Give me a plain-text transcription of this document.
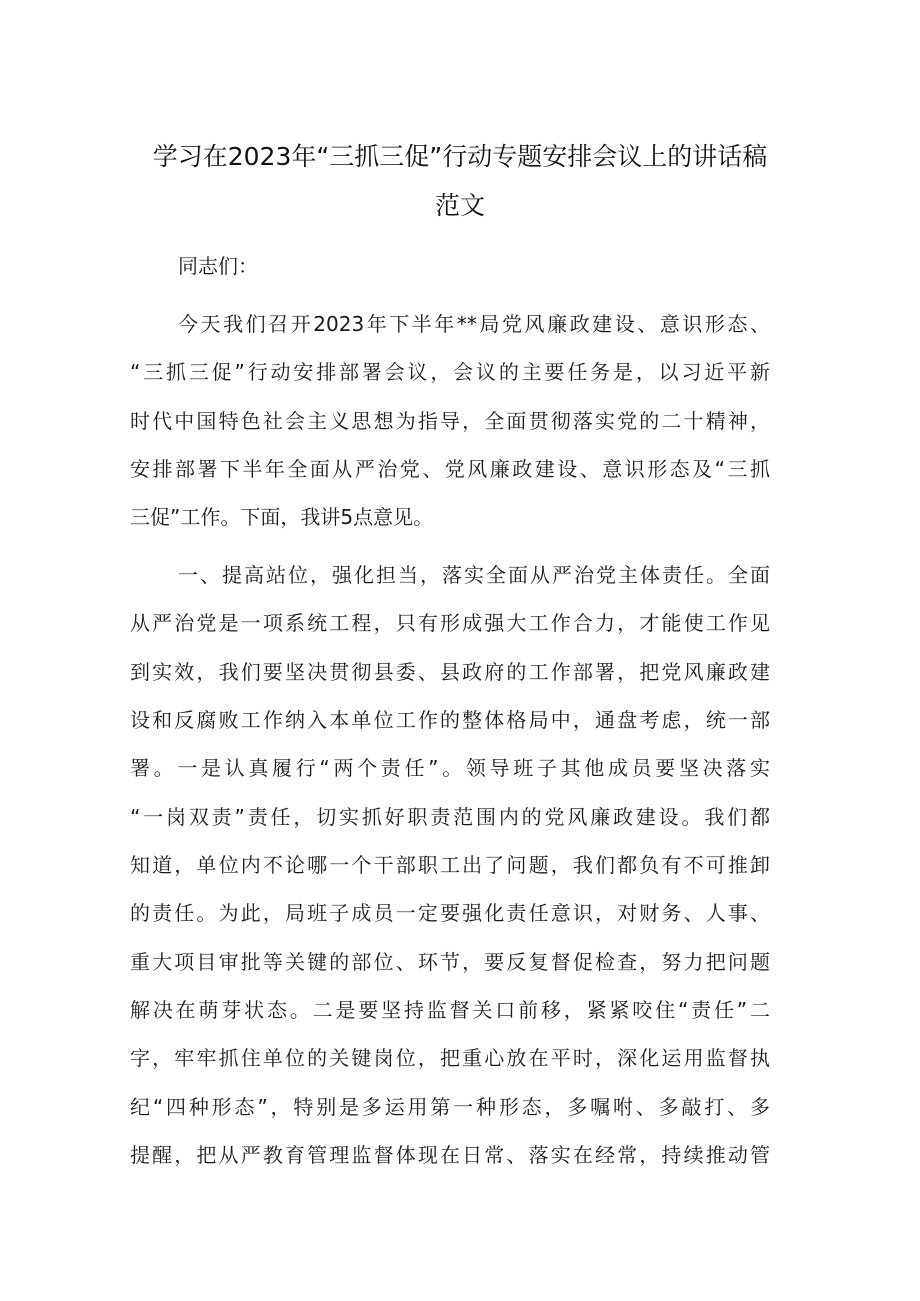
学习在2023年“三抓三促”行动专题安排会议上的讲话稿
范文
同志们：
今天我们召开2023年下半年**局党风廉政建设、意识形态、
“三抓三促”行动安排部署会议，会议的主要任务是，以习近平新
时代中国特色社会主义思想为指导，全面贯彻落实党的二十精神，
安排部署下半年全面从严治党、党风廉政建设、意识形态及“三抓
三促”工作。下面，我讲5点意见。
一、提高站位，强化担当，落实全面从严治党主体责任。全面
从严治党是一项系统工程，只有形成强大工作合力，才能使工作见
到实效，我们要坚决贯彻县委、县政府的工作部署，把党风廉政建
设和反腐败工作纳入本单位工作的整体格局中，通盘考虑，统一部
署。一是认真履行“两个责任”。领导班子其他成员要坚决落实
“一岗双责”责任，切实抓好职责范围内的党风廉政建设。我们都
知道，单位内不论哪一个干部职工出了问题，我们都负有不可推卸
的责任。为此，局班子成员一定要强化责任意识，对财务、人事、
重大项目审批等关键的部位、环节，要反复督促检查，努力把问题
解决在萌芽状态。二是要坚持监督关口前移，紧紧咬住“责任”二
字，牢牢抓住单位的关键岗位，把重心放在平时，深化运用监督执
纪“四种形态”，特别是多运用第一种形态，多嘱咐、多敲打、多
提醒，把从严教育管理监督体现在日常、落实在经常，持续推动管
